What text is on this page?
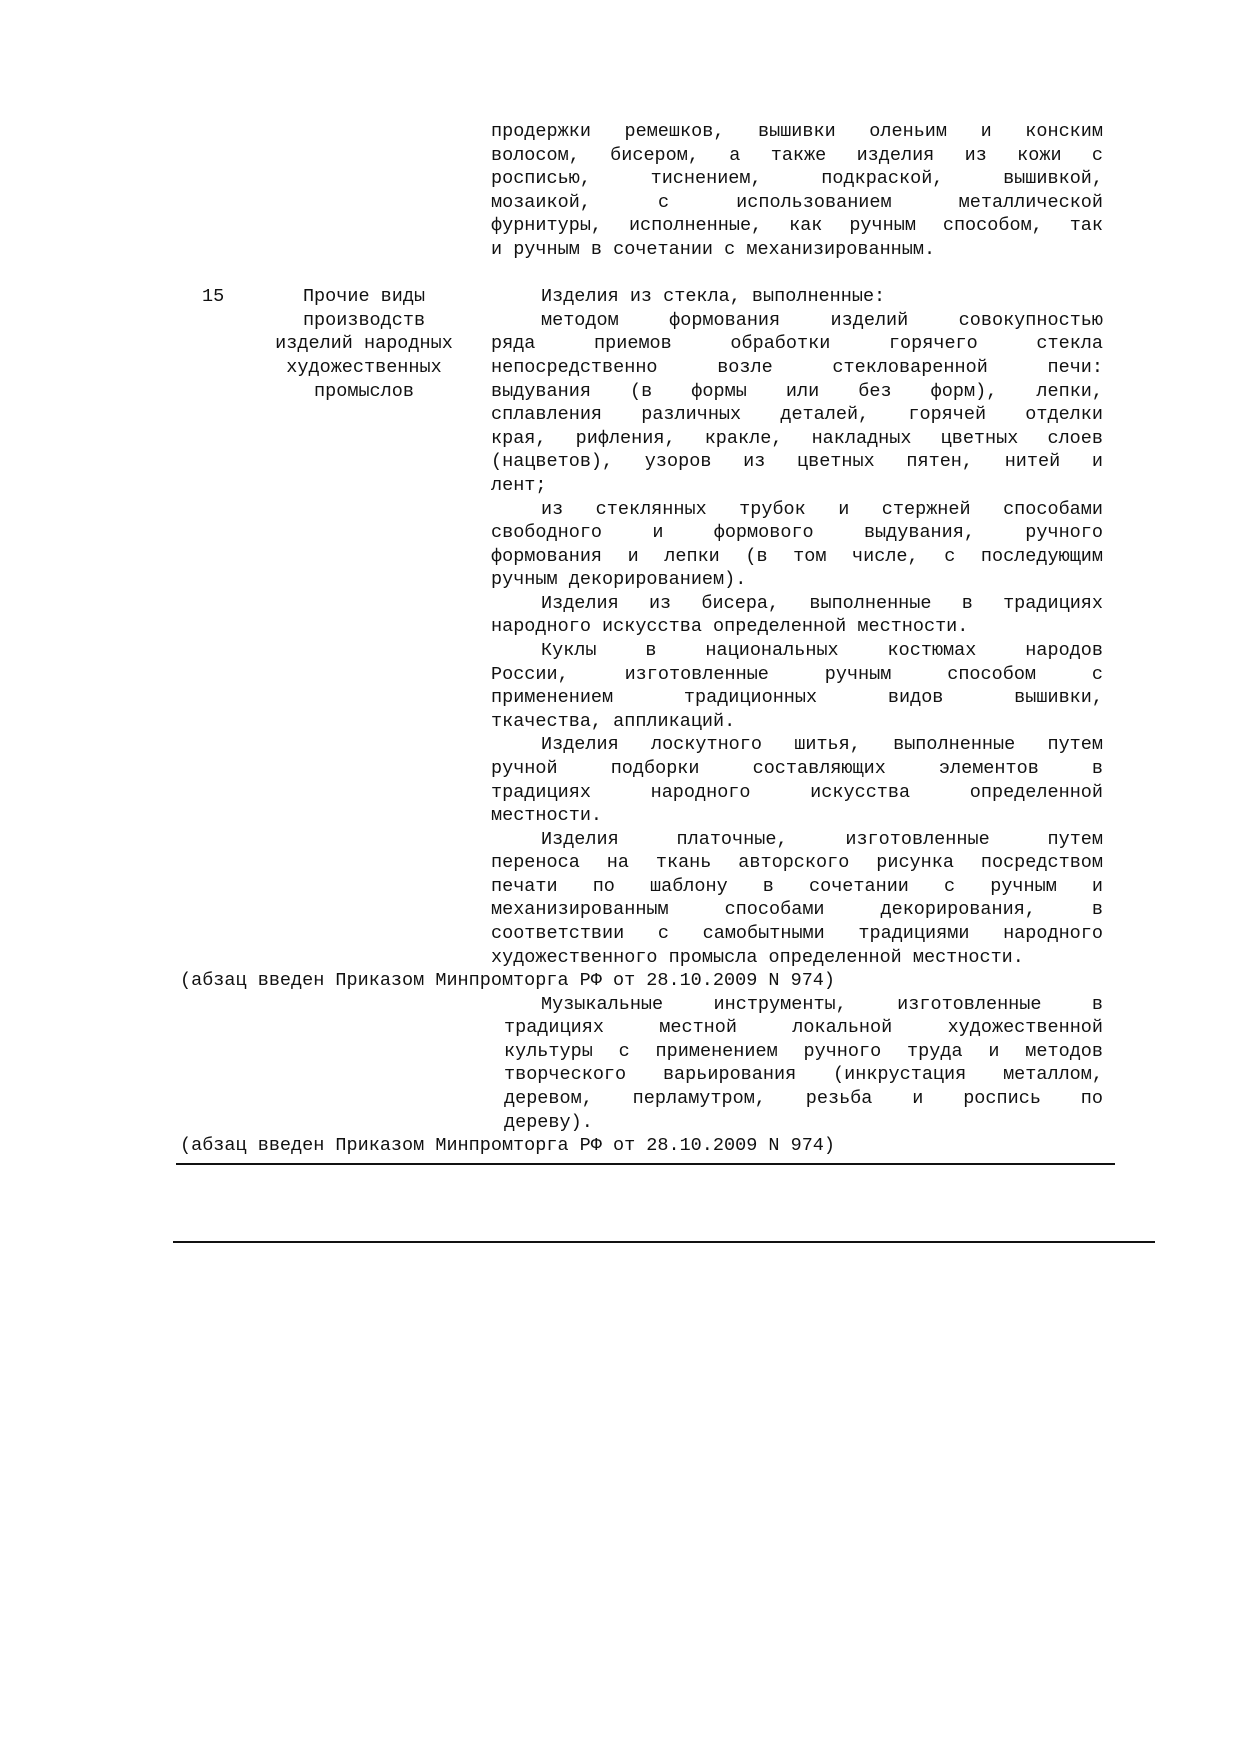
продержки ремешков, вышивки оленьим и конским
волосом, бисером, а также изделия из кожи с
росписью, тиснением, подкраской, вышивкой,
мозаикой, с использованием металлической
фурнитуры, исполненные, как ручным способом, так
и ручным в сочетании с механизированным.
15	Прочие виды
производств
изделий народных
художественных
промыслов
Изделия из стекла, выполненные:
методом формования изделий совокупностью
ряда приемов обработки горячего стекла
непосредственно возле стекловаренной печи:
выдувания (в формы или без форм), лепки,
сплавления различных деталей, горячей отделки
края, рифления, кракле, накладных цветных слоев
(нацветов), узоров из цветных пятен, нитей и
лент;
из стеклянных трубок и стержней способами
свободного и формового выдувания, ручного
формования и лепки (в том числе, с последующим
ручным декорированием).
Изделия из бисера, выполненные в традициях
народного искусства определенной местности.
Куклы в национальных костюмах народов
России, изготовленные ручным способом с
применением традиционных видов вышивки,
ткачества, аппликаций.
Изделия лоскутного шитья, выполненные путем
ручной подборки составляющих элементов в
традициях народного искусства определенной
местности.
Изделия платочные, изготовленные путем
переноса на ткань авторского рисунка посредством
печати по шаблону в сочетании с ручным и
механизированным способами декорирования, в
соответствии с самобытными традициями народного
художественного промысла определенной местности.
(абзац введен Приказом Минпромторга РФ от 28.10.2009 N 974)
Музыкальные инструменты, изготовленные в
традициях местной локальной художественной
культуры с применением ручного труда и методов
творческого варьирования (инкрустация металлом,
деревом, перламутром, резьба и роспись по
дереву).
(абзац введен Приказом Минпромторга РФ от 28.10.2009 N 974)
